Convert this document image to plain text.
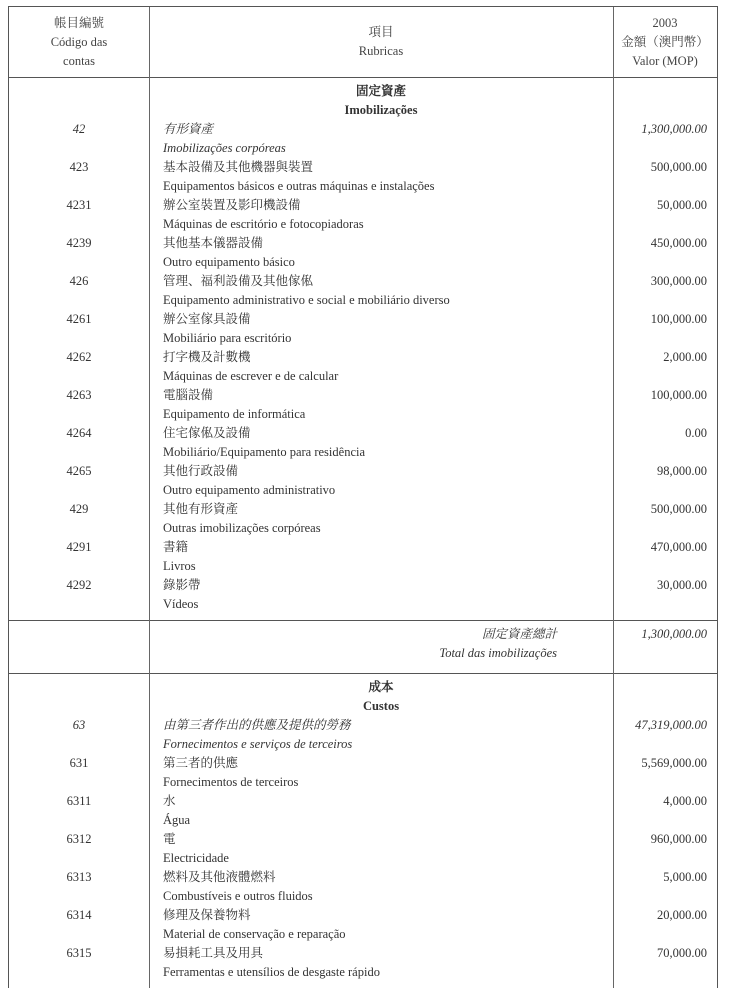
帳目編號
Código das
contas
項目
Rubricas
2003
金額（澳門幣）
Valor (MOP)
固定資產
Imobilizações
42	有形資產	1,300,000.00
Imobilizações corpóreas
423	基本設備及其他機器與裝置	500,000.00
Equipamentos básicos e outras máquinas e instalações
4231	辦公室裝置及影印機設備	50,000.00
Máquinas de escritório e fotocopiadoras
4239	其他基本儀器設備	450,000.00
Outro equipamento básico
426	管理、福利設備及其他傢俬	300,000.00
Equipamento administrativo e social e mobiliário diverso
4261	辦公室傢具設備	100,000.00
Mobiliário para escritório
4262	打字機及計數機	2,000.00
Máquinas de escrever e de calcular
4263	電腦設備	100,000.00
Equipamento de informática
4264	住宅傢俬及設備	0.00
Mobiliário/Equipamento para residência
4265	其他行政設備	98,000.00
Outro equipamento administrativo
429	其他有形資產	500,000.00
Outras imobilizações corpóreas
4291	書籍	470,000.00
Livros
4292	錄影帶	30,000.00
Vídeos
固定資產總計	1,300,000.00
Total das imobilizações
成本
Custos
63	由第三者作出的供應及提供的勞務	47,319,000.00
Fornecimentos e serviços de terceiros
631	第三者的供應	5,569,000.00
Fornecimentos de terceiros
6311	水	4,000.00
Água
6312	電	960,000.00
Electricidade
6313	燃料及其他液體燃料	5,000.00
Combustíveis e outros fluidos
6314	修理及保養物料	20,000.00
Material de conservação e reparação
6315	易損耗工具及用具	70,000.00
Ferramentas e utensílios de desgaste rápido
